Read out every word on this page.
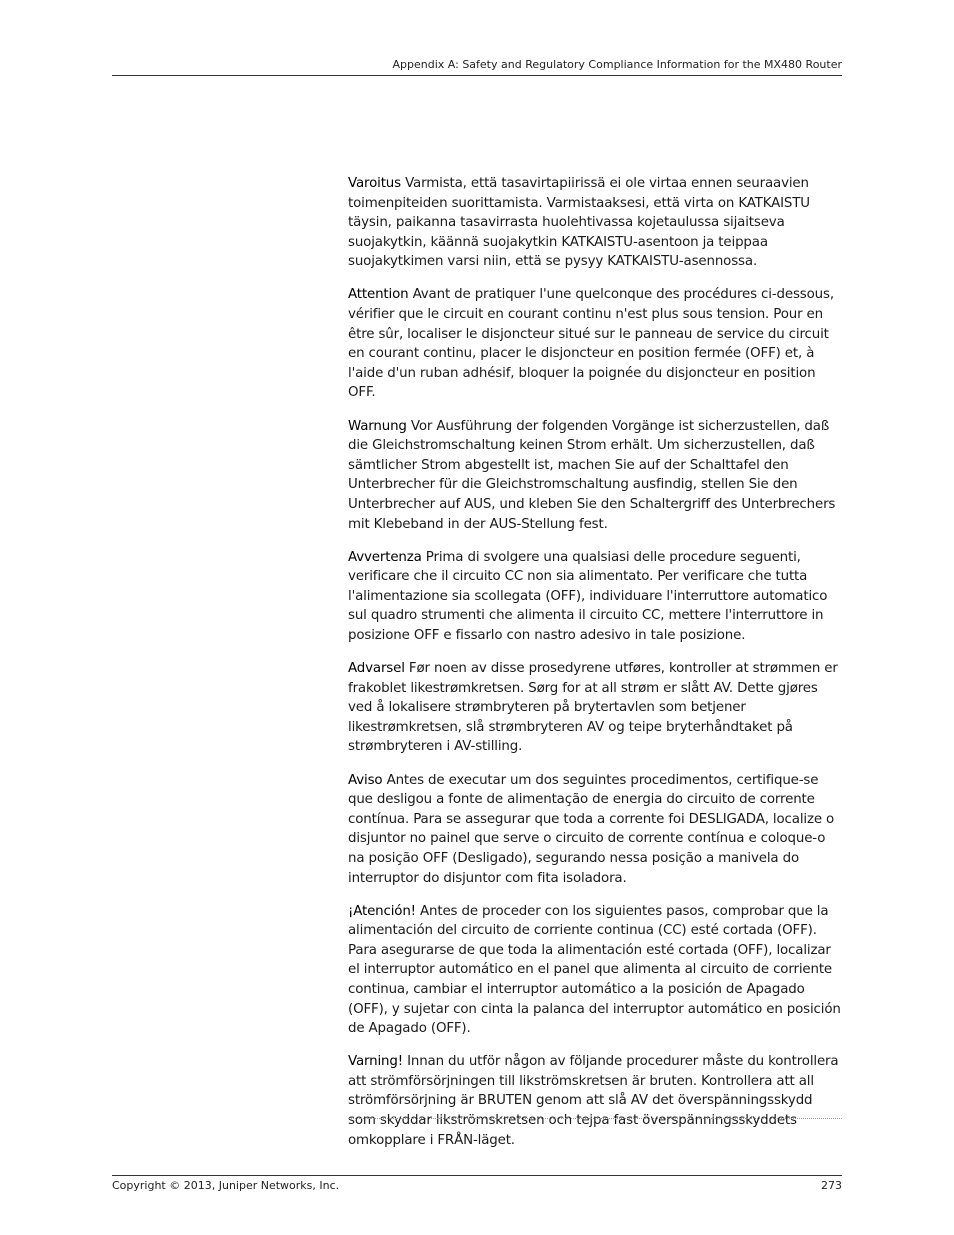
Appendix A: Safety and Regulatory Compliance Information for the MX480 Router

Varoitus Varmista, että tasavirtapiirissä ei ole virtaa ennen seuraavien toimenpiteiden suorittamista. Varmistaaksesi, että virta on KATKAISTU täysin, paikanna tasavirrasta huolehtivassa kojetaulussa sijaitseva suojakytkin, käännä suojakytkin KATKAISTU-asentoon ja teippaa suojakytkimen varsi niin, että se pysyy KATKAISTU-asennossa.

Attention Avant de pratiquer l'une quelconque des procédures ci-dessous, vérifier que le circuit en courant continu n'est plus sous tension. Pour en être sûr, localiser le disjoncteur situé sur le panneau de service du circuit en courant continu, placer le disjoncteur en position fermée (OFF) et, à l'aide d'un ruban adhésif, bloquer la poignée du disjoncteur en position OFF.

Warnung Vor Ausführung der folgenden Vorgänge ist sicherzustellen, daß die Gleichstromschaltung keinen Strom erhält. Um sicherzustellen, daß sämtlicher Strom abgestellt ist, machen Sie auf der Schalttafel den Unterbrecher für die Gleichstromschaltung ausfindig, stellen Sie den Unterbrecher auf AUS, und kleben Sie den Schaltergriff des Unterbrechers mit Klebeband in der AUS-Stellung fest.

Avvertenza Prima di svolgere una qualsiasi delle procedure seguenti, verificare che il circuito CC non sia alimentato. Per verificare che tutta l'alimentazione sia scollegata (OFF), individuare l'interruttore automatico sul quadro strumenti che alimenta il circuito CC, mettere l'interruttore in posizione OFF e fissarlo con nastro adesivo in tale posizione.

Advarsel Før noen av disse prosedyrene utføres, kontroller at strømmen er frakoblet likestrømkretsen. Sørg for at all strøm er slått AV. Dette gjøres ved å lokalisere strømbryteren på brytertavlen som betjener likestrømkretsen, slå strømbryteren AV og teipe bryterhåndtaket på strømbryteren i AV-stilling.

Aviso Antes de executar um dos seguintes procedimentos, certifique-se que desligou a fonte de alimentação de energia do circuito de corrente contínua. Para se assegurar que toda a corrente foi DESLIGADA, localize o disjuntor no painel que serve o circuito de corrente contínua e coloque-o na posição OFF (Desligado), segurando nessa posição a manivela do interruptor do disjuntor com fita isoladora.

¡Atención! Antes de proceder con los siguientes pasos, comprobar que la alimentación del circuito de corriente continua (CC) esté cortada (OFF). Para asegurarse de que toda la alimentación esté cortada (OFF), localizar el interruptor automático en el panel que alimenta al circuito de corriente continua, cambiar el interruptor automático a la posición de Apagado (OFF), y sujetar con cinta la palanca del interruptor automático en posición de Apagado (OFF).

Varning! Innan du utför någon av följande procedurer måste du kontrollera att strömförsörjningen till likströmskretsen är bruten. Kontrollera att all strömförsörjning är BRUTEN genom att slå AV det överspänningsskydd som skyddar likströmskretsen och tejpa fast överspänningsskyddets omkopplare i FRÅN-läget.

Copyright © 2013, Juniper Networks, Inc.	273
